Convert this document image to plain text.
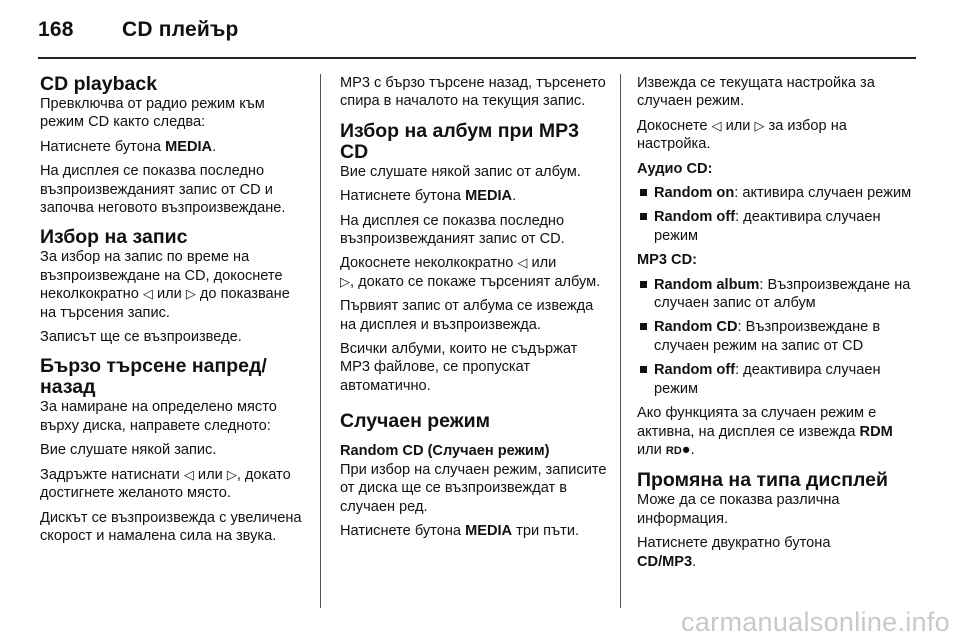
168 CD плейър
CD playback

Превключва от радио режим към режим CD както следва:

Натиснете бутона MEDIA.

На дисплея се показва последно възпроизвежданият запис от CD и започва неговото възпроизвеждане.

Избор на запис

За избор на запис по време на възпроизвеждане на CD, докоснете неколкократно ◁ или ▷ до показване на търсения запис.

Записът ще се възпроизведе.

Бързо търсене напред/назад

За намиране на определено място върху диска, направете следното:

Вие слушате някой запис.

Задръжте натиснати ◁ или ▷, докато достигнете желаното място.

Дискът се възпроизвежда с увеличена скорост и намалена сила на звука.

MP3 с бързо търсене назад, търсенето спира в началото на текущия запис.

Избор на албум при MP3 CD

Вие слушате някой запис от албум.

Натиснете бутона MEDIA.

На дисплея се показва последно възпроизвежданият запис от CD.

Докоснете неколкократно ◁ или
▷, докато се покаже търсеният албум.

Първият запис от албума се извежда на дисплея и възпроизвежда.

Всички албуми, които не съдържат MP3 файлове, се пропускат автоматично.

Случаен режим
Random CD (Случаен режим)

При избор на случаен режим, записите от диска ще се възпроизвеждат в случаен ред.

Натиснете бутона MEDIA три пъти.

Извежда се текущата настройка за случаен режим.

Докоснете ◁ или ▷ за избор на настройка.

Аудио CD:
Random on: активира случаен режим
Random off: деактивира случаен режим
MP3 CD:
Random album: Възпроизвеждане на случаен запис от албум
Random CD: Възпроизвеждане в случаен режим на запис от CD
Random off: деактивира случаен режим

Ако функцията за случаен режим е активна, на дисплея се извежда RDM или RD●.

Промяна на типа дисплей

Може да се показва различна информация.

Натиснете двукратно бутона
CD/MP3.

carmanualsonline.info
